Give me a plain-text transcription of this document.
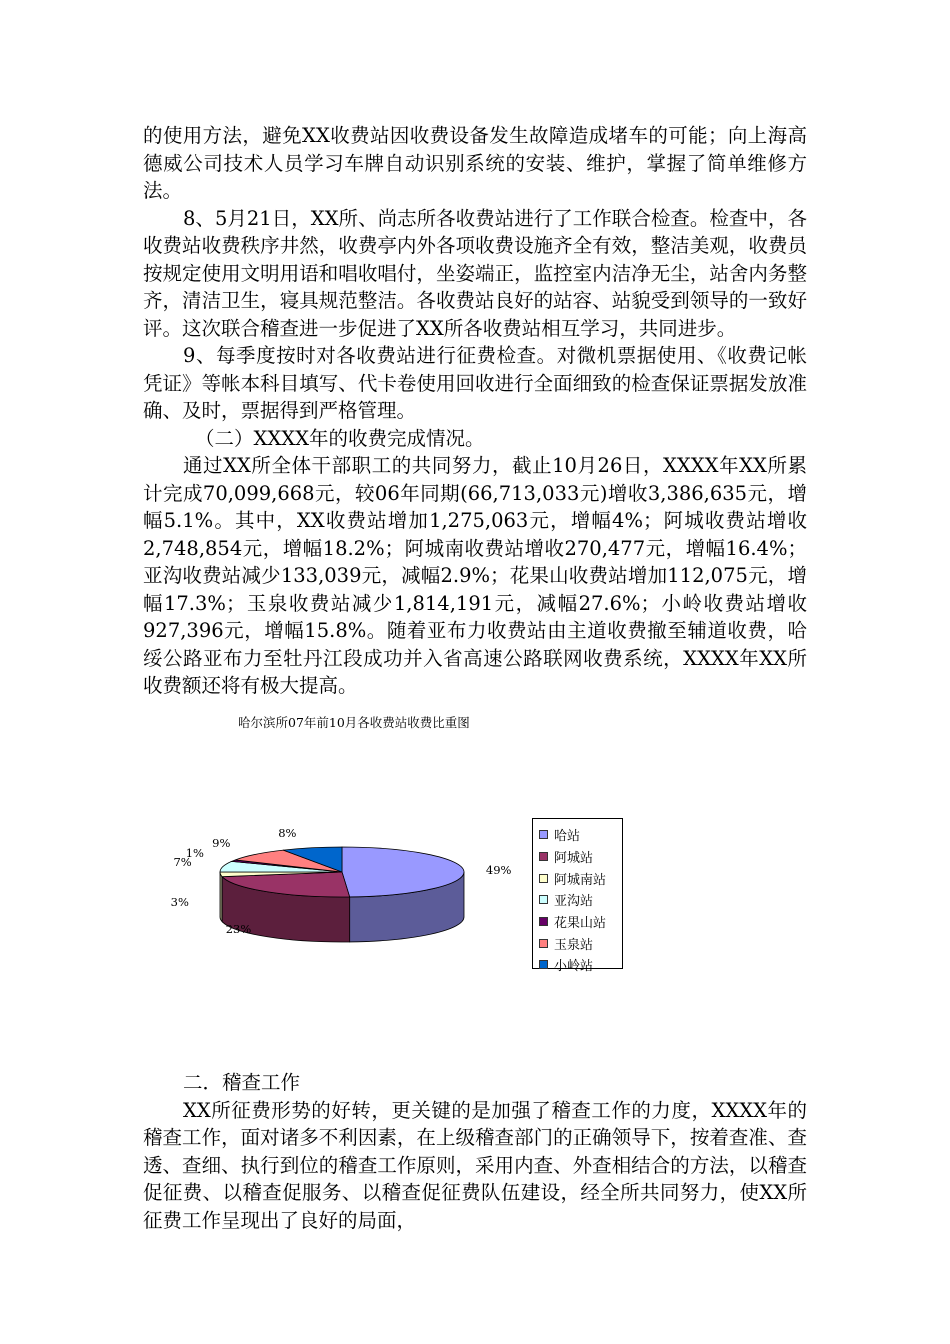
的使用方法，避免XX收费站因收费设备发生故障造成堵车的可能；向上海高德威公司技术人员学习车牌自动识别系统的安装、维护，掌握了简单维修方法。

8、5月21日，XX所、尚志所各收费站进行了工作联合检查。检查中，各收费站收费秩序井然，收费亭内外各项收费设施齐全有效，整洁美观，收费员按规定使用文明用语和唱收唱付，坐姿端正，监控室内洁净无尘，站舍内务整齐，清洁卫生，寝具规范整洁。各收费站良好的站容、站貌受到领导的一致好评。这次联合稽查进一步促进了XX所各收费站相互学习，共同进步。

9、每季度按时对各收费站进行征费检查。对微机票据使用、《收费记帐凭证》等帐本科目填写、代卡卷使用回收进行全面细致的检查保证票据发放准确、及时，票据得到严格管理。

（二）XXXX年的收费完成情况。

通过XX所全体干部职工的共同努力，截止10月26日，XXXX年XX所累计完成70,099,668元，较06年同期(66,713,033元)增收3,386,635元，增幅5.1%。其中，XX收费站增加1,275,063元，增幅4%；阿城收费站增收2,748,854元，增幅18.2%；阿城南收费站增收270,477元，增幅16.4%；亚沟收费站减少133,039元，减幅2.9%；花果山收费站增加112,075元，增幅17.3%；玉泉收费站减少1,814,191元，减幅27.6%；小岭收费站增收927,396元，增幅15.8%。随着亚布力收费站由主道收费撤至辅道收费，哈绥公路亚布力至牡丹江段成功并入省高速公路联网收费系统，XXXX年XX所收费额还将有极大提高。

哈尔滨所07年前10月各收费站收费比重图
49%
23%
3%
7%
1%
9%
8%	哈站
阿城站
阿城南站
亚沟站
花果山站
玉泉站
小岭站

二．稽查工作

XX所征费形势的好转，更关键的是加强了稽查工作的力度，XXXX年的稽查工作，面对诸多不利因素，在上级稽查部门的正确领导下，按着查准、查透、查细、执行到位的稽查工作原则，采用内查、外查相结合的方法，以稽查促征费、以稽查促服务、以稽查促征费队伍建设，经全所共同努力，使XX所征费工作呈现出了良好的局面，
